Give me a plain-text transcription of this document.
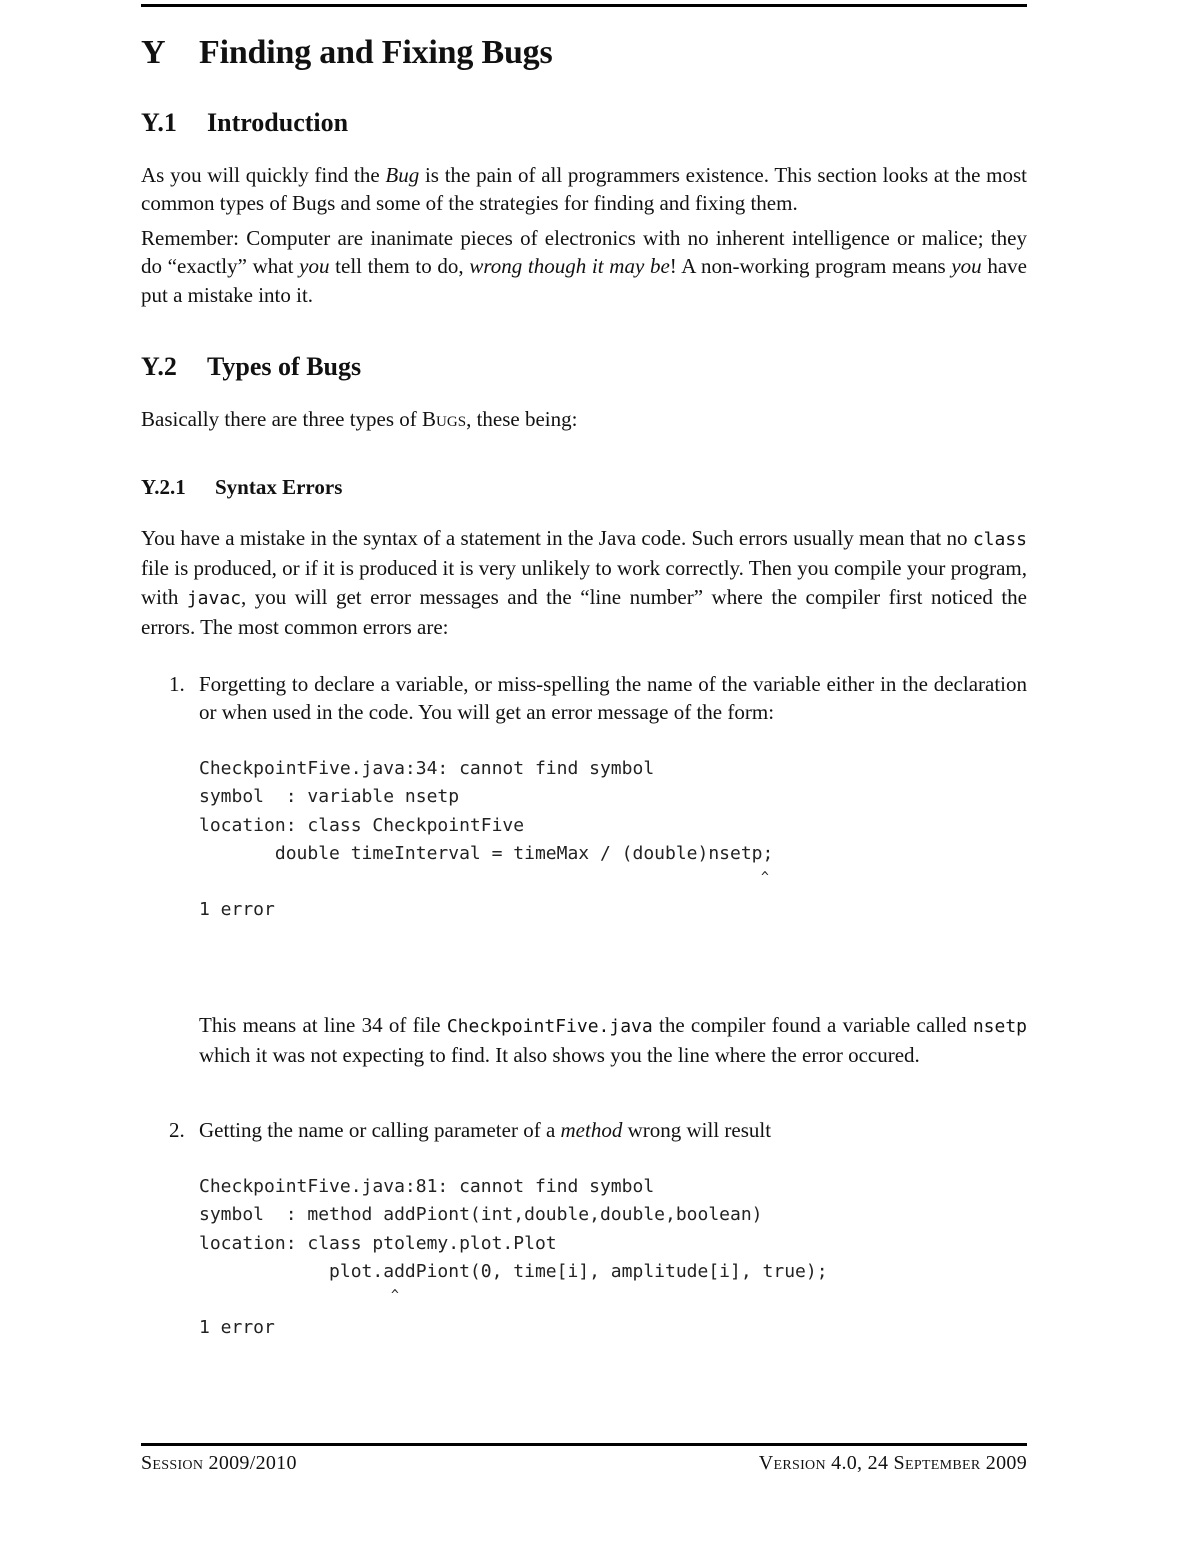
Y Finding and Fixing Bugs
Y.1 Introduction

As you will quickly find the Bug is the pain of all programmers existence. This section looks at the most common types of Bugs and some of the strategies for finding and fixing them.

Remember: Computer are inanimate pieces of electronics with no inherent intelligence or malice; they do “exactly” what you tell them to do, wrong though it may be! A non-working program means you have put a mistake into it.

Y.2 Types of Bugs

Basically there are three types of Bugs, these being:

Y.2.1 Syntax Errors

You have a mistake in the syntax of a statement in the Java code. Such errors usually mean that no class file is produced, or if it is produced it is very unlikely to work correctly. Then you compile your program, with javac, you will get error messages and the “line number” where the compiler first noticed the errors. The most common errors are:

1. Forgetting to declare a variable, or miss-spelling the name of the variable either in the declaration or when used in the code. You will get an error message of the form:

CheckpointFive.java:34: cannot find symbol
symbol  : variable nsetp
location: class CheckpointFive
double timeInterval = timeMax / (double)nsetp;

1 error
^

This means at line 34 of file CheckpointFive.java the compiler found a variable called nsetp which it was not expecting to find. It also shows you the line where the error occured.

2. Getting the name or calling parameter of a method wrong will result

CheckpointFive.java:81: cannot find symbol
symbol  : method addPiont(int,double,double,boolean)
location: class ptolemy.plot.Plot
plot.addPiont(0, time[i], amplitude[i], true);

1 error
^
Session 2009/2010	Version 4.0, 24 September 2009
